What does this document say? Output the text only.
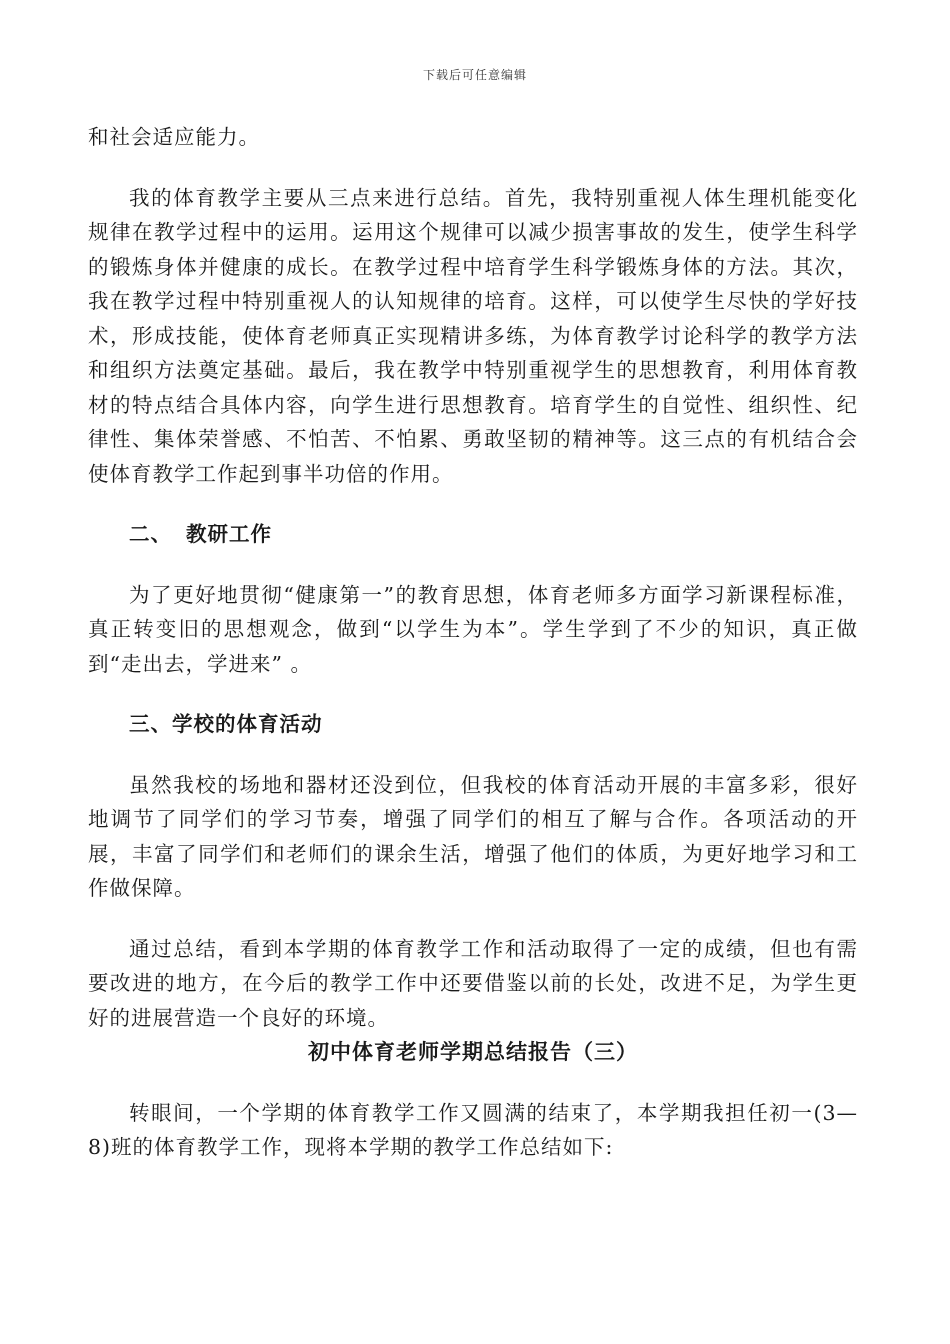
下载后可任意编辑

和社会适应能力。

我的体育教学主要从三点来进行总结。首先，我特别重视人体生理机能变化规律在教学过程中的运用。运用这个规律可以减少损害事故的发生，使学生科学的锻炼身体并健康的成长。在教学过程中培育学生科学锻炼身体的方法。其次，我在教学过程中特别重视人的认知规律的培育。这样，可以使学生尽快的学好技术，形成技能，使体育老师真正实现精讲多练，为体育教学讨论科学的教学方法和组织方法奠定基础。最后，我在教学中特别重视学生的思想教育，利用体育教材的特点结合具体内容，向学生进行思想教育。培育学生的自觉性、组织性、纪律性、集体荣誉感、不怕苦、不怕累、勇敢坚韧的精神等。这三点的有机结合会使体育教学工作起到事半功倍的作用。

二、 教研工作

为了更好地贯彻“健康第一”的教育思想，体育老师多方面学习新课程标准，真正转变旧的思想观念，做到“以学生为本”。学生学到了不少的知识，真正做到“走出去，学进来” 。

三、学校的体育活动

虽然我校的场地和器材还没到位，但我校的体育活动开展的丰富多彩，很好地调节了同学们的学习节奏，增强了同学们的相互了解与合作。各项活动的开展，丰富了同学们和老师们的课余生活，增强了他们的体质，为更好地学习和工作做保障。

通过总结，看到本学期的体育教学工作和活动取得了一定的成绩，但也有需要改进的地方，在今后的教学工作中还要借鉴以前的长处，改进不足，为学生更好的进展营造一个良好的环境。

初中体育老师学期总结报告（三）

转眼间，一个学期的体育教学工作又圆满的结束了，本学期我担任初一(3—8)班的体育教学工作，现将本学期的教学工作总结如下:
